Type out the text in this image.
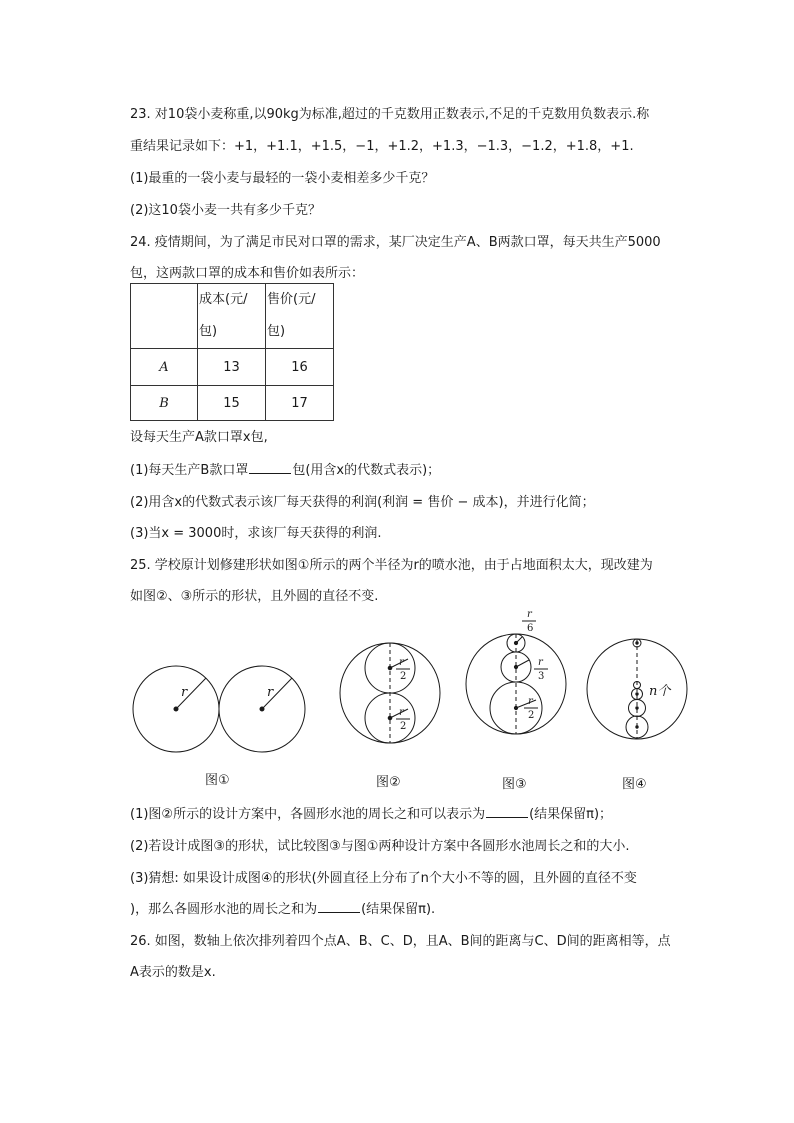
23. 对10袋小麦称重,以90kg为标准,超过的千克数用正数表示,不足的千克数用负数表示.称
重结果记录如下：+1，+1.1，+1.5，−1，+1.2，+1.3，−1.3，−1.2，+1.8，+1.
(1)最重的一袋小麦与最轻的一袋小麦相差多少千克？
(2)这10袋小麦一共有多少千克？
24. 疫情期间，为了满足市民对口罩的需求，某厂决定生产A、B两款口罩，每天共生产5000
包，这两款口罩的成本和售价如表所示：
	成本(元/
包)	售价(元/
包)
A	13	16
B	15	17
设每天生产A款口罩x包,
(1)每天生产B款口罩	包(用含x的代数式表示)；
(2)用含x的代数式表示该厂每天获得的利润(利润 = 售价 − 成本)，并进行化简；
(3)当x = 3000时，求该厂每天获得的利润.
25. 学校原计划修建形状如图①所示的两个半径为r的喷水池，由于占地面积太大，现改建为
如图②、③所示的形状，且外圆的直径不变.
r	r
r
2
r
2
r
6
r
3
r
2
n个
图①	图②	图③	图④
(1)图②所示的设计方案中，各圆形水池的周长之和可以表示为	(结果保留π)；
(2)若设计成图③的形状，试比较图③与图①两种设计方案中各圆形水池周长之和的大小.
(3)猜想: 如果设计成图④的形状(外圆直径上分布了n个大小不等的圆，且外圆的直径不变
)，那么各圆形水池的周长之和为	(结果保留π).
26. 如图，数轴上依次排列着四个点A、B、C、D，且A、B间的距离与C、D间的距离相等，点
A表示的数是x.
